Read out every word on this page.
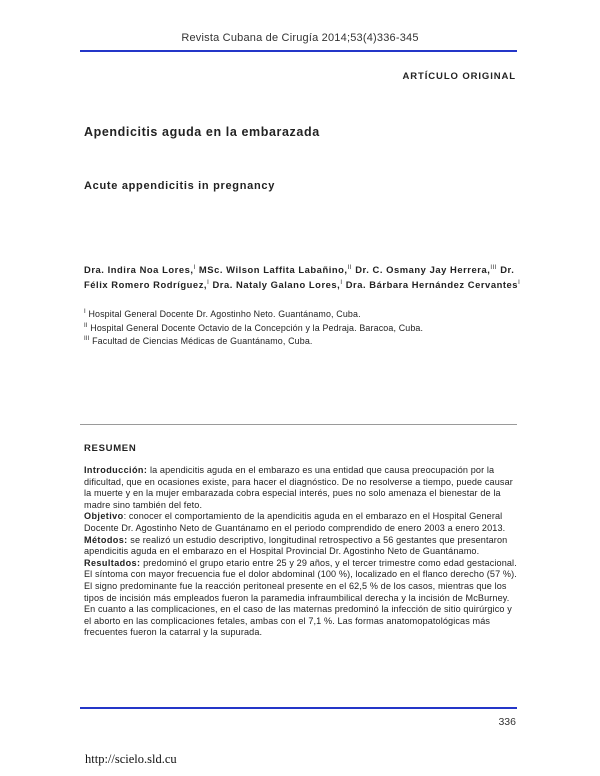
Revista Cubana de Cirugía 2014;53(4)336-345
ARTÍCULO ORIGINAL
Apendicitis aguda en la embarazada
Acute appendicitis in pregnancy
Dra. Indira Noa Lores,$^I$ MSc. Wilson Laffita Labañino,$^{II}$ Dr. C. Osmany Jay Herrera,$^{III}$ Dr. Félix Romero Rodríguez,$^I$ Dra. Nataly Galano Lores,$^I$ Dra. Bárbara Hernández Cervantes$^I$
$^I$ Hospital General Docente Dr. Agostinho Neto. Guantánamo, Cuba.
$^{II}$ Hospital General Docente Octavio de la Concepción y la Pedraja. Baracoa, Cuba.
$^{III}$ Facultad de Ciencias Médicas de Guantánamo, Cuba.
RESUMEN

Introducción: la apendicitis aguda en el embarazo es una entidad que causa preocupación por la dificultad, que en ocasiones existe, para hacer el diagnóstico. De no resolverse a tiempo, puede causar la muerte y en la mujer embarazada cobra especial interés, pues no solo amenaza el bienestar de la madre sino también del feto.

Objetivo: conocer el comportamiento de la apendicitis aguda en el embarazo en el Hospital General Docente Dr. Agostinho Neto de Guantánamo en el periodo comprendido de enero 2003 a enero 2013.

Métodos: se realizó un estudio descriptivo, longitudinal retrospectivo a 56 gestantes que presentaron apendicitis aguda en el embarazo en el Hospital Provincial Dr. Agostinho Neto de Guantánamo.

Resultados: predominó el grupo etario entre 25 y 29 años, y el tercer trimestre como edad gestacional. El síntoma con mayor frecuencia fue el dolor abdominal (100 %), localizado en el flanco derecho (57 %). El signo predominante fue la reacción peritoneal presente en el 62,5 % de los casos, mientras que los tipos de incisión más empleados fueron la paramedia infraumbilical derecha y la incisión de McBurney. En cuanto a las complicaciones, en el caso de las maternas predominó la infección de sitio quirúrgico y el aborto en las complicaciones fetales, ambas con el 7,1 %. Las formas anatomopatológicas más frecuentes fueron la catarral y la supurada.

336
http://scielo.sld.cu
